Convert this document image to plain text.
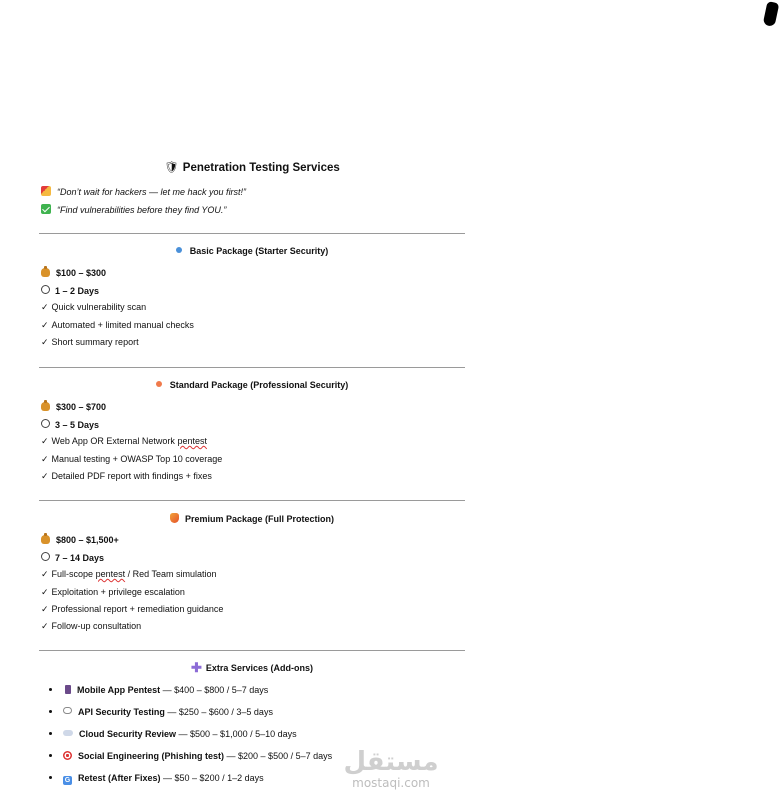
🛡︎ Penetration Testing Services
“Don’t wait for hackers — let me hack you first!”
“Find vulnerabilities before they find YOU.”
Basic Package (Starter Security)
$100 – $300
1 – 2 Days
✓ Quick vulnerability scan
✓ Automated + limited manual checks
✓ Short summary report
Standard Package (Professional Security)
$300 – $700
3 – 5 Days
✓ Web App OR External Network pentest
✓ Manual testing + OWASP Top 10 coverage
✓ Detailed PDF report with findings + fixes
Premium Package (Full Protection)
$800 – $1,500+
7 – 14 Days
✓ Full-scope pentest / Red Team simulation
✓ Exploitation + privilege escalation
✓ Professional report + remediation guidance
✓ Follow-up consultation
✚ Extra Services (Add-ons)
Mobile App Pentest — $400 – $800 / 5–7 days
API Security Testing — $250 – $600 / 3–5 days
Cloud Security Review — $500 – $1,000 / 5–10 days
Social Engineering (Phishing test) — $200 – $500 / 5–7 days
G Retest (After Fixes) — $50 – $200 / 1–2 days
مستقل
mostaqi.com
